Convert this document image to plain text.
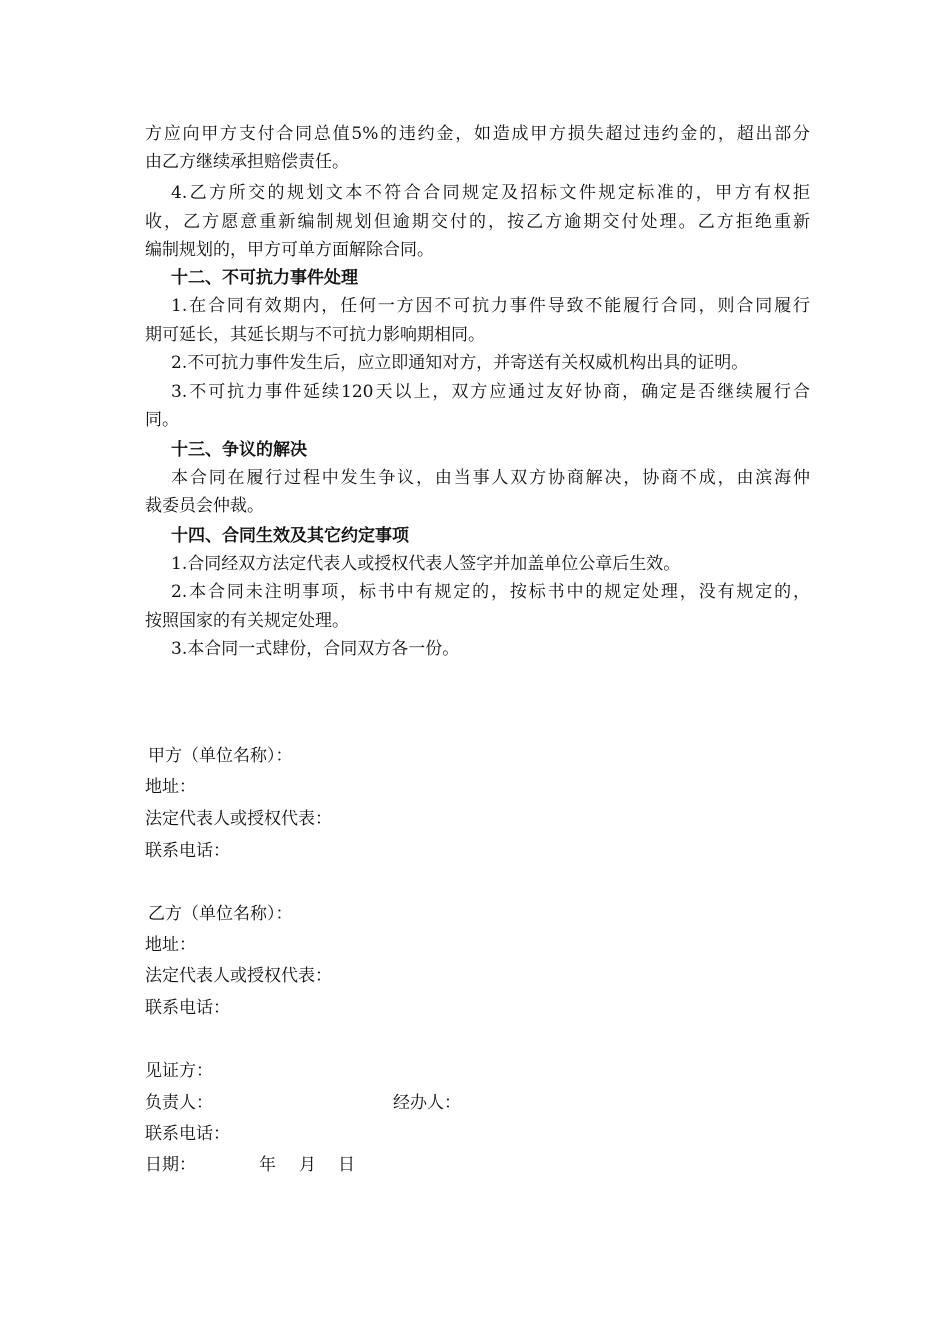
方应向甲方支付合同总值5%的违约金，如造成甲方损失超过违约金的，超出部分
由乙方继续承担赔偿责任。
4.乙方所交的规划文本不符合合同规定及招标文件规定标准的，甲方有权拒
收，乙方愿意重新编制规划但逾期交付的，按乙方逾期交付处理。乙方拒绝重新
编制规划的，甲方可单方面解除合同。
十二、不可抗力事件处理
1.在合同有效期内，任何一方因不可抗力事件导致不能履行合同，则合同履行
期可延长，其延长期与不可抗力影响期相同。
2.不可抗力事件发生后，应立即通知对方，并寄送有关权威机构出具的证明。
3.不可抗力事件延续120天以上，双方应通过友好协商，确定是否继续履行合
同。
十三、争议的解决
本合同在履行过程中发生争议，由当事人双方协商解决，协商不成，由滨海仲
裁委员会仲裁。
十四、合同生效及其它约定事项
1.合同经双方法定代表人或授权代表人签字并加盖单位公章后生效。
2.本合同未注明事项，标书中有规定的，按标书中的规定处理，没有规定的，
按照国家的有关规定处理。
3.本合同一式肆份，合同双方各一份。
甲方（单位名称）：
地址：
法定代表人或授权代表：
联系电话：
乙方（单位名称）：
地址：
法定代表人或授权代表：
联系电话：
见证方：
负责人：	经办人：
联系电话：
日期：	年 月 日
